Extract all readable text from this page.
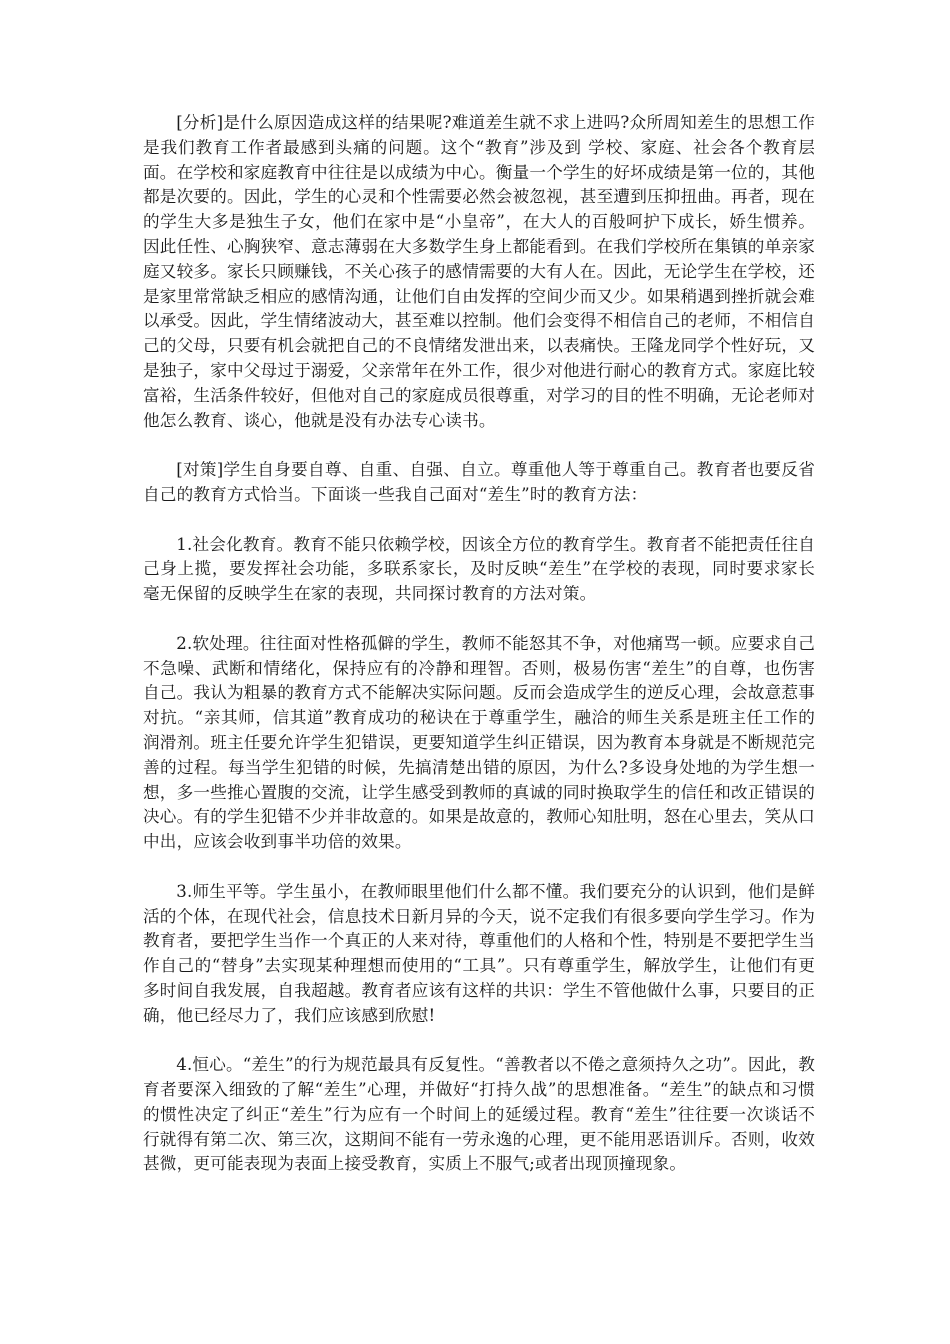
[分析]是什么原因造成这样的结果呢?难道差生就不求上进吗?众所周知差生的思想工作是我们教育工作者最感到头痛的问题。这个“教育”涉及到 学校、家庭、社会各个教育层面。在学校和家庭教育中往往是以成绩为中心。衡量一个学生的好坏成绩是第一位的，其他都是次要的。因此，学生的心灵和个性需要必然会被忽视，甚至遭到压抑扭曲。再者，现在的学生大多是独生子女，他们在家中是“小皇帝”，在大人的百般呵护下成长，娇生惯养。因此任性、心胸狭窄、意志薄弱在大多数学生身上都能看到。在我们学校所在集镇的单亲家庭又较多。家长只顾赚钱，不关心孩子的感情需要的大有人在。因此，无论学生在学校，还是家里常常缺乏相应的感情沟通，让他们自由发挥的空间少而又少。如果稍遇到挫折就会难以承受。因此，学生情绪波动大，甚至难以控制。他们会变得不相信自己的老师，不相信自己的父母，只要有机会就把自己的不良情绪发泄出来，以表痛快。王隆龙同学个性好玩，又是独子，家中父母过于溺爱，父亲常年在外工作，很少对他进行耐心的教育方式。家庭比较富裕，生活条件较好，但他对自己的家庭成员很尊重，对学习的目的性不明确，无论老师对他怎么教育、谈心，他就是没有办法专心读书。

[对策]学生自身要自尊、自重、自强、自立。尊重他人等于尊重自己。教育者也要反省自己的教育方式恰当。下面谈一些我自己面对“差生”时的教育方法：

1.社会化教育。教育不能只依赖学校，因该全方位的教育学生。教育者不能把责任往自己身上揽，要发挥社会功能，多联系家长，及时反映“差生”在学校的表现，同时要求家长毫无保留的反映学生在家的表现，共同探讨教育的方法对策。

2.软处理。往往面对性格孤僻的学生，教师不能怒其不争，对他痛骂一顿。应要求自己不急噪、武断和情绪化，保持应有的冷静和理智。否则，极易伤害“差生”的自尊，也伤害自己。我认为粗暴的教育方式不能解决实际问题。反而会造成学生的逆反心理，会故意惹事对抗。“亲其师，信其道”教育成功的秘诀在于尊重学生，融洽的师生关系是班主任工作的润滑剂。班主任要允许学生犯错误，更要知道学生纠正错误，因为教育本身就是不断规范完善的过程。每当学生犯错的时候，先搞清楚出错的原因，为什么?多设身处地的为学生想一想，多一些推心置腹的交流，让学生感受到教师的真诚的同时换取学生的信任和改正错误的决心。有的学生犯错不少并非故意的。如果是故意的，教师心知肚明，怒在心里去，笑从口中出，应该会收到事半功倍的效果。

3.师生平等。学生虽小，在教师眼里他们什么都不懂。我们要充分的认识到，他们是鲜活的个体，在现代社会，信息技术日新月异的今天，说不定我们有很多要向学生学习。作为教育者，要把学生当作一个真正的人来对待，尊重他们的人格和个性，特别是不要把学生当作自己的“替身”去实现某种理想而使用的“工具”。只有尊重学生，解放学生，让他们有更多时间自我发展，自我超越。教育者应该有这样的共识：学生不管他做什么事，只要目的正确，他已经尽力了，我们应该感到欣慰!

4.恒心。“差生”的行为规范最具有反复性。“善教者以不倦之意须持久之功”。因此，教育者要深入细致的了解“差生”心理，并做好“打持久战”的思想准备。“差生”的缺点和习惯的惯性决定了纠正“差生”行为应有一个时间上的延缓过程。教育“差生”往往要一次谈话不行就得有第二次、第三次，这期间不能有一劳永逸的心理，更不能用恶语训斥。否则，收效甚微，更可能表现为表面上接受教育，实质上不服气;或者出现顶撞现象。
